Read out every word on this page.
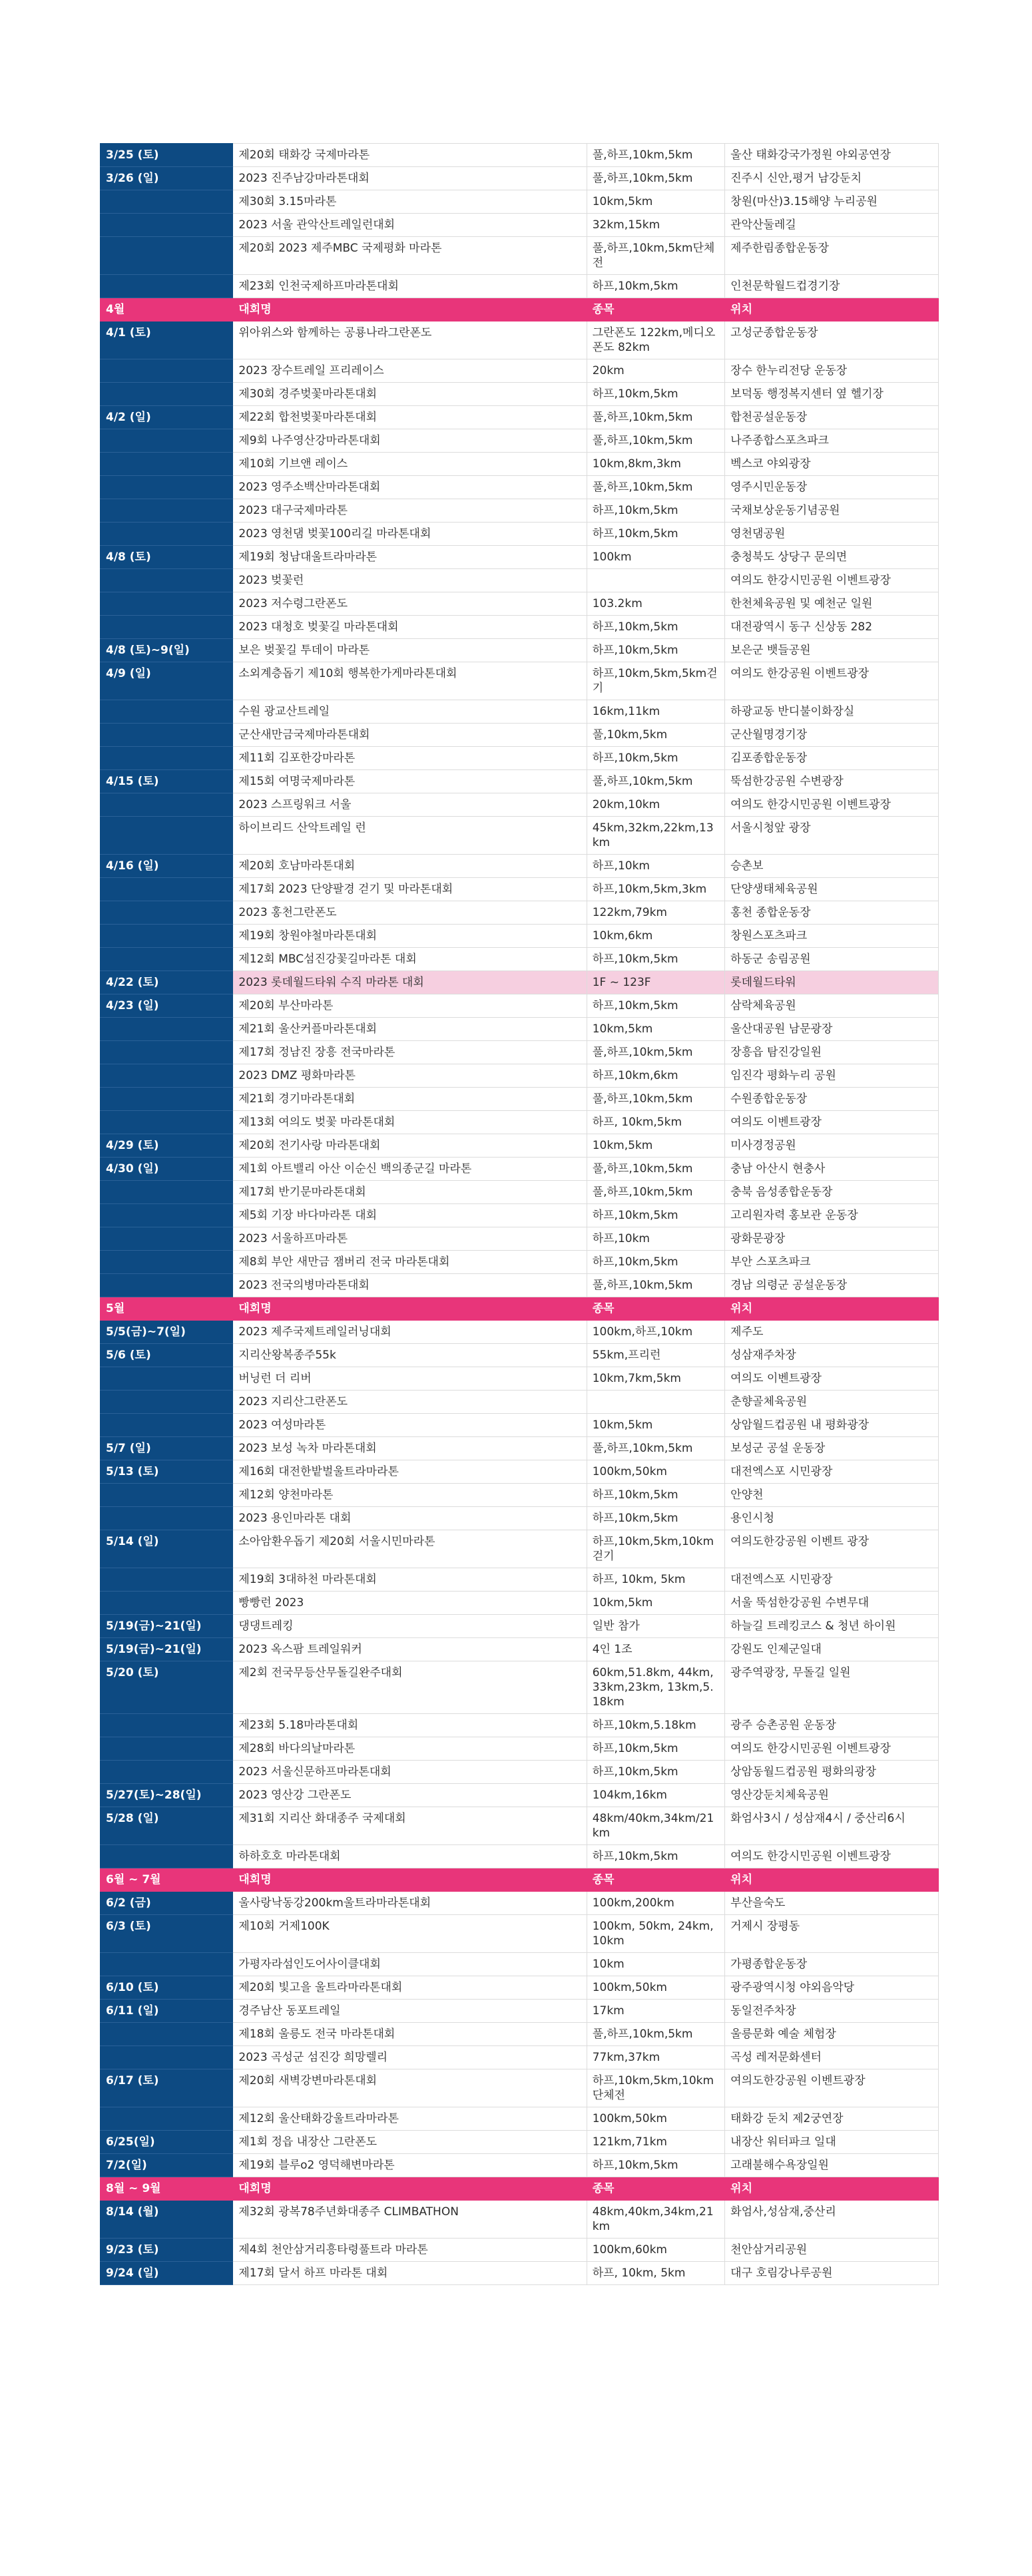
3/25 (토)	제20회 태화강 국제마라톤	풀,하프,10km,5km	울산 태화강국가정원 야외공연장
3/26 (일)	2023 진주남강마라톤대회	풀,하프,10km,5km	진주시 신안,평거 남강둔치
	제30회 3.15마라톤	10km,5km	창원(마산)3.15해양 누리공원
	2023 서울 관악산트레일런대회	32km,15km	관악산둘레길
	제20회 2023 제주MBC 국제평화 마라톤	풀,하프,10km,5km단체전	제주한림종합운동장
	제23회 인천국제하프마라톤대회	하프,10km,5km	인천문학월드컵경기장
4월	대회명	종목	위치
4/1 (토)	위아위스와 함께하는 공룡나라그란폰도	그란폰도 122km,메디오폰도 82km	고성군종합운동장
	2023 장수트레일 프리레이스	20km	장수 한누리전당 운동장
	제30회 경주벚꽃마라톤대회	하프,10km,5km	보덕동 행정복지센터 옆 헬기장
4/2 (일)	제22회 합천벚꽃마라톤대회	풀,하프,10km,5km	합천공설운동장
	제9회 나주영산강마라톤대회	풀,하프,10km,5km	나주종합스포츠파크
	제10회 기브앤 레이스	10km,8km,3km	벡스코 야외광장
	2023 영주소백산마라톤대회	풀,하프,10km,5km	영주시민운동장
	2023 대구국제마라톤	하프,10km,5km	국채보상운동기념공원
	2023 영천댐 벚꽃100리길 마라톤대회	하프,10km,5km	영천댐공원
4/8 (토)	제19회 청남대울트라마라톤	100km	충청북도 상당구 문의면
	2023 벚꽃런		여의도 한강시민공원 이벤트광장
	2023 저수령그란폰도	103.2km	한천체육공원 및 예천군 일원
	2023 대청호 벚꽃길 마라톤대회	하프,10km,5km	대전광역시 동구 신상동 282
4/8 (토)~9(일)	보은 벚꽃길 투데이 마라톤	하프,10km,5km	보은군 뱃들공원
4/9 (일)	소외계층돕기 제10회 행복한가게마라톤대회	하프,10km,5km,5km걷기	여의도 한강공원 이벤트광장
	수원 광교산트레일	16km,11km	하광교동 반디불이화장실
	군산새만금국제마라톤대회	풀,10km,5km	군산월명경기장
	제11회 김포한강마라톤	하프,10km,5km	김포종합운동장
4/15 (토)	제15회 여명국제마라톤	풀,하프,10km,5km	뚝섬한강공원 수변광장
	2023 스프링워크 서울	20km,10km	여의도 한강시민공원 이벤트광장
	하이브리드 산악트레일 런	45km,32km,22km,13km	서울시청앞 광장
4/16 (일)	제20회 호남마라톤대회	하프,10km	승촌보
	제17회 2023 단양팔경 걷기 및 마라톤대회	하프,10km,5km,3km	단양생태체육공원
	2023 홍천그란폰도	122km,79km	홍천 종합운동장
	제19회 창원야철마라톤대회	10km,6km	창원스포츠파크
	제12회 MBC섬진강꽃길마라톤 대회	하프,10km,5km	하동군 송림공원
4/22 (토)	2023 롯데월드타워 수직 마라톤 대회	1F ~ 123F	롯데월드타워
4/23 (일)	제20회 부산마라톤	하프,10km,5km	삼락체육공원
	제21회 울산커플마라톤대회	10km,5km	울산대공원 남문광장
	제17회 정남진 장흥 전국마라톤	풀,하프,10km,5km	장흥읍 탐진강일원
	2023 DMZ 평화마라톤	하프,10km,6km	임진각 평화누리 공원
	제21회 경기마라톤대회	풀,하프,10km,5km	수원종합운동장
	제13회 여의도 벚꽃 마라톤대회	하프, 10km,5km	여의도 이벤트광장
4/29 (토)	제20회 전기사랑 마라톤대회	10km,5km	미사경정공원
4/30 (일)	제1회 아트밸리 아산 이순신 백의종군길 마라톤	풀,하프,10km,5km	충남 아산시 현충사
	제17회 반기문마라톤대회	풀,하프,10km,5km	충북 음성종합운동장
	제5회 기장 바다마라톤 대회	하프,10km,5km	고리원자력 홍보관 운동장
	2023 서울하프마라톤	하프,10km	광화문광장
	제8회 부안 새만금 잼버리 전국 마라톤대회	하프,10km,5km	부안 스포츠파크
	2023 전국의병마라톤대회	풀,하프,10km,5km	경남 의령군 공설운동장
5월	대회명	종목	위치
5/5(금)~7(일)	2023 제주국제트레일러닝대회	100km,하프,10km	제주도
5/6 (토)	지리산왕복종주55k	55km,프리런	성삼재주차장
	버닝런 더 리버	10km,7km,5km	여의도 이벤트광장
	2023 지리산그란폰도		춘향골체육공원
	2023 여성마라톤	10km,5km	상암월드컵공원 내 평화광장
5/7 (일)	2023 보성 녹차 마라톤대회	풀,하프,10km,5km	보성군 공설 운동장
5/13 (토)	제16회 대전한밭벌울트라마라톤	100km,50km	대전엑스포 시민광장
	제12회 양천마라톤	하프,10km,5km	안양천
	2023 용인마라톤 대회	하프,10km,5km	용인시청
5/14 (일)	소아암환우돕기 제20회 서울시민마라톤	하프,10km,5km,10km걷기	여의도한강공원 이벤트 광장
	제19회 3대하천 마라톤대회	하프, 10km, 5km	대전엑스포 시민광장
	빵빵런 2023	10km,5km	서울 뚝섬한강공원 수변무대
5/19(금)~21(일)	댕댕트레킹	일반 참가	하늘길 트레킹코스 & 청년 하이원
5/19(금)~21(일)	2023 옥스팜 트레일워커	4인 1조	강원도 인제군일대
5/20 (토)	제2회 전국무등산무돌길완주대회	60km,51.8km, 44km, 33km,23km, 13km,5.18km	광주역광장, 무돌길 일원
	제23회 5.18마라톤대회	하프,10km,5.18km	광주 승촌공원 운동장
	제28회 바다의날마라톤	하프,10km,5km	여의도 한강시민공원 이벤트광장
	2023 서울신문하프마라톤대회	하프,10km,5km	상암동월드컵공원 평화의광장
5/27(토)~28(일)	2023 영산강 그란폰도	104km,16km	영산강둔치체육공원
5/28 (일)	제31회 지리산 화대종주 국제대회	48km/40km,34km/21km	화엄사3시 / 성삼재4시 / 중산리6시
	하하호호 마라톤대회	하프,10km,5km	여의도 한강시민공원 이벤트광장
6월 ~ 7월	대회명	종목	위치
6/2 (금)	울사랑낙동강200km울트라마라톤대회	100km,200km	부산을숙도
6/3 (토)	제10회 거제100K	100km, 50km, 24km, 10km	거제시 장평동
	가평자라섬인도어사이클대회	10km	가평종합운동장
6/10 (토)	제20회 빛고을 울트라마라톤대회	100km,50km	광주광역시청 야외음악당
6/11 (일)	경주남산 동포트레일	17km	동일전주차장
	제18회 울릉도 전국 마라톤대회	풀,하프,10km,5km	울릉문화 예술 체험장
	2023 곡성군 섬진강 희망렐리	77km,37km	곡성 레저문화센터
6/17 (토)	제20회 새벽강변마라톤대회	하프,10km,5km,10km단체전	여의도한강공원 이벤트광장
	제12회 울산태화강울트라마라톤	100km,50km	태화강 둔치 제2궁연장
6/25(일)	제1회 정읍 내장산 그란폰도	121km,71km	내장산 워터파크 일대
7/2(일)	제19회 블루o2 영덕해변마라톤	하프,10km,5km	고래불해수욕장일원
8월 ~ 9월	대회명	종목	위치
8/14 (월)	제32회 광복78주년화대종주 CLIMBATHON	48km,40km,34km,21km	화엄사,성삼재,중산리
9/23 (토)	제4회 천안삼거리흥타령풀트라 마라톤	100km,60km	천안삼거리공원
9/24 (일)	제17회 달서 하프 마라톤 대회	하프, 10km, 5km	대구 호림강나루공원
